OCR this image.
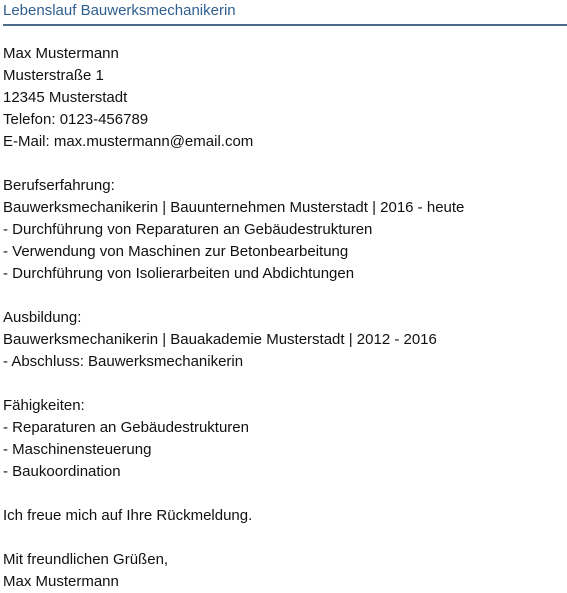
Lebenslauf Bauwerksmechanikerin
Max Mustermann
Musterstraße 1
12345 Musterstadt
Telefon: 0123-456789
E-Mail: max.mustermann@email.com
Berufserfahrung:
Bauwerksmechanikerin | Bauunternehmen Musterstadt | 2016 - heute
- Durchführung von Reparaturen an Gebäudestrukturen
- Verwendung von Maschinen zur Betonbearbeitung
- Durchführung von Isolierarbeiten und Abdichtungen
Ausbildung:
Bauwerksmechanikerin | Bauakademie Musterstadt | 2012 - 2016
- Abschluss: Bauwerksmechanikerin
Fähigkeiten:
- Reparaturen an Gebäudestrukturen
- Maschinensteuerung
- Baukoordination
Ich freue mich auf Ihre Rückmeldung.
Mit freundlichen Grüßen,
Max Mustermann
